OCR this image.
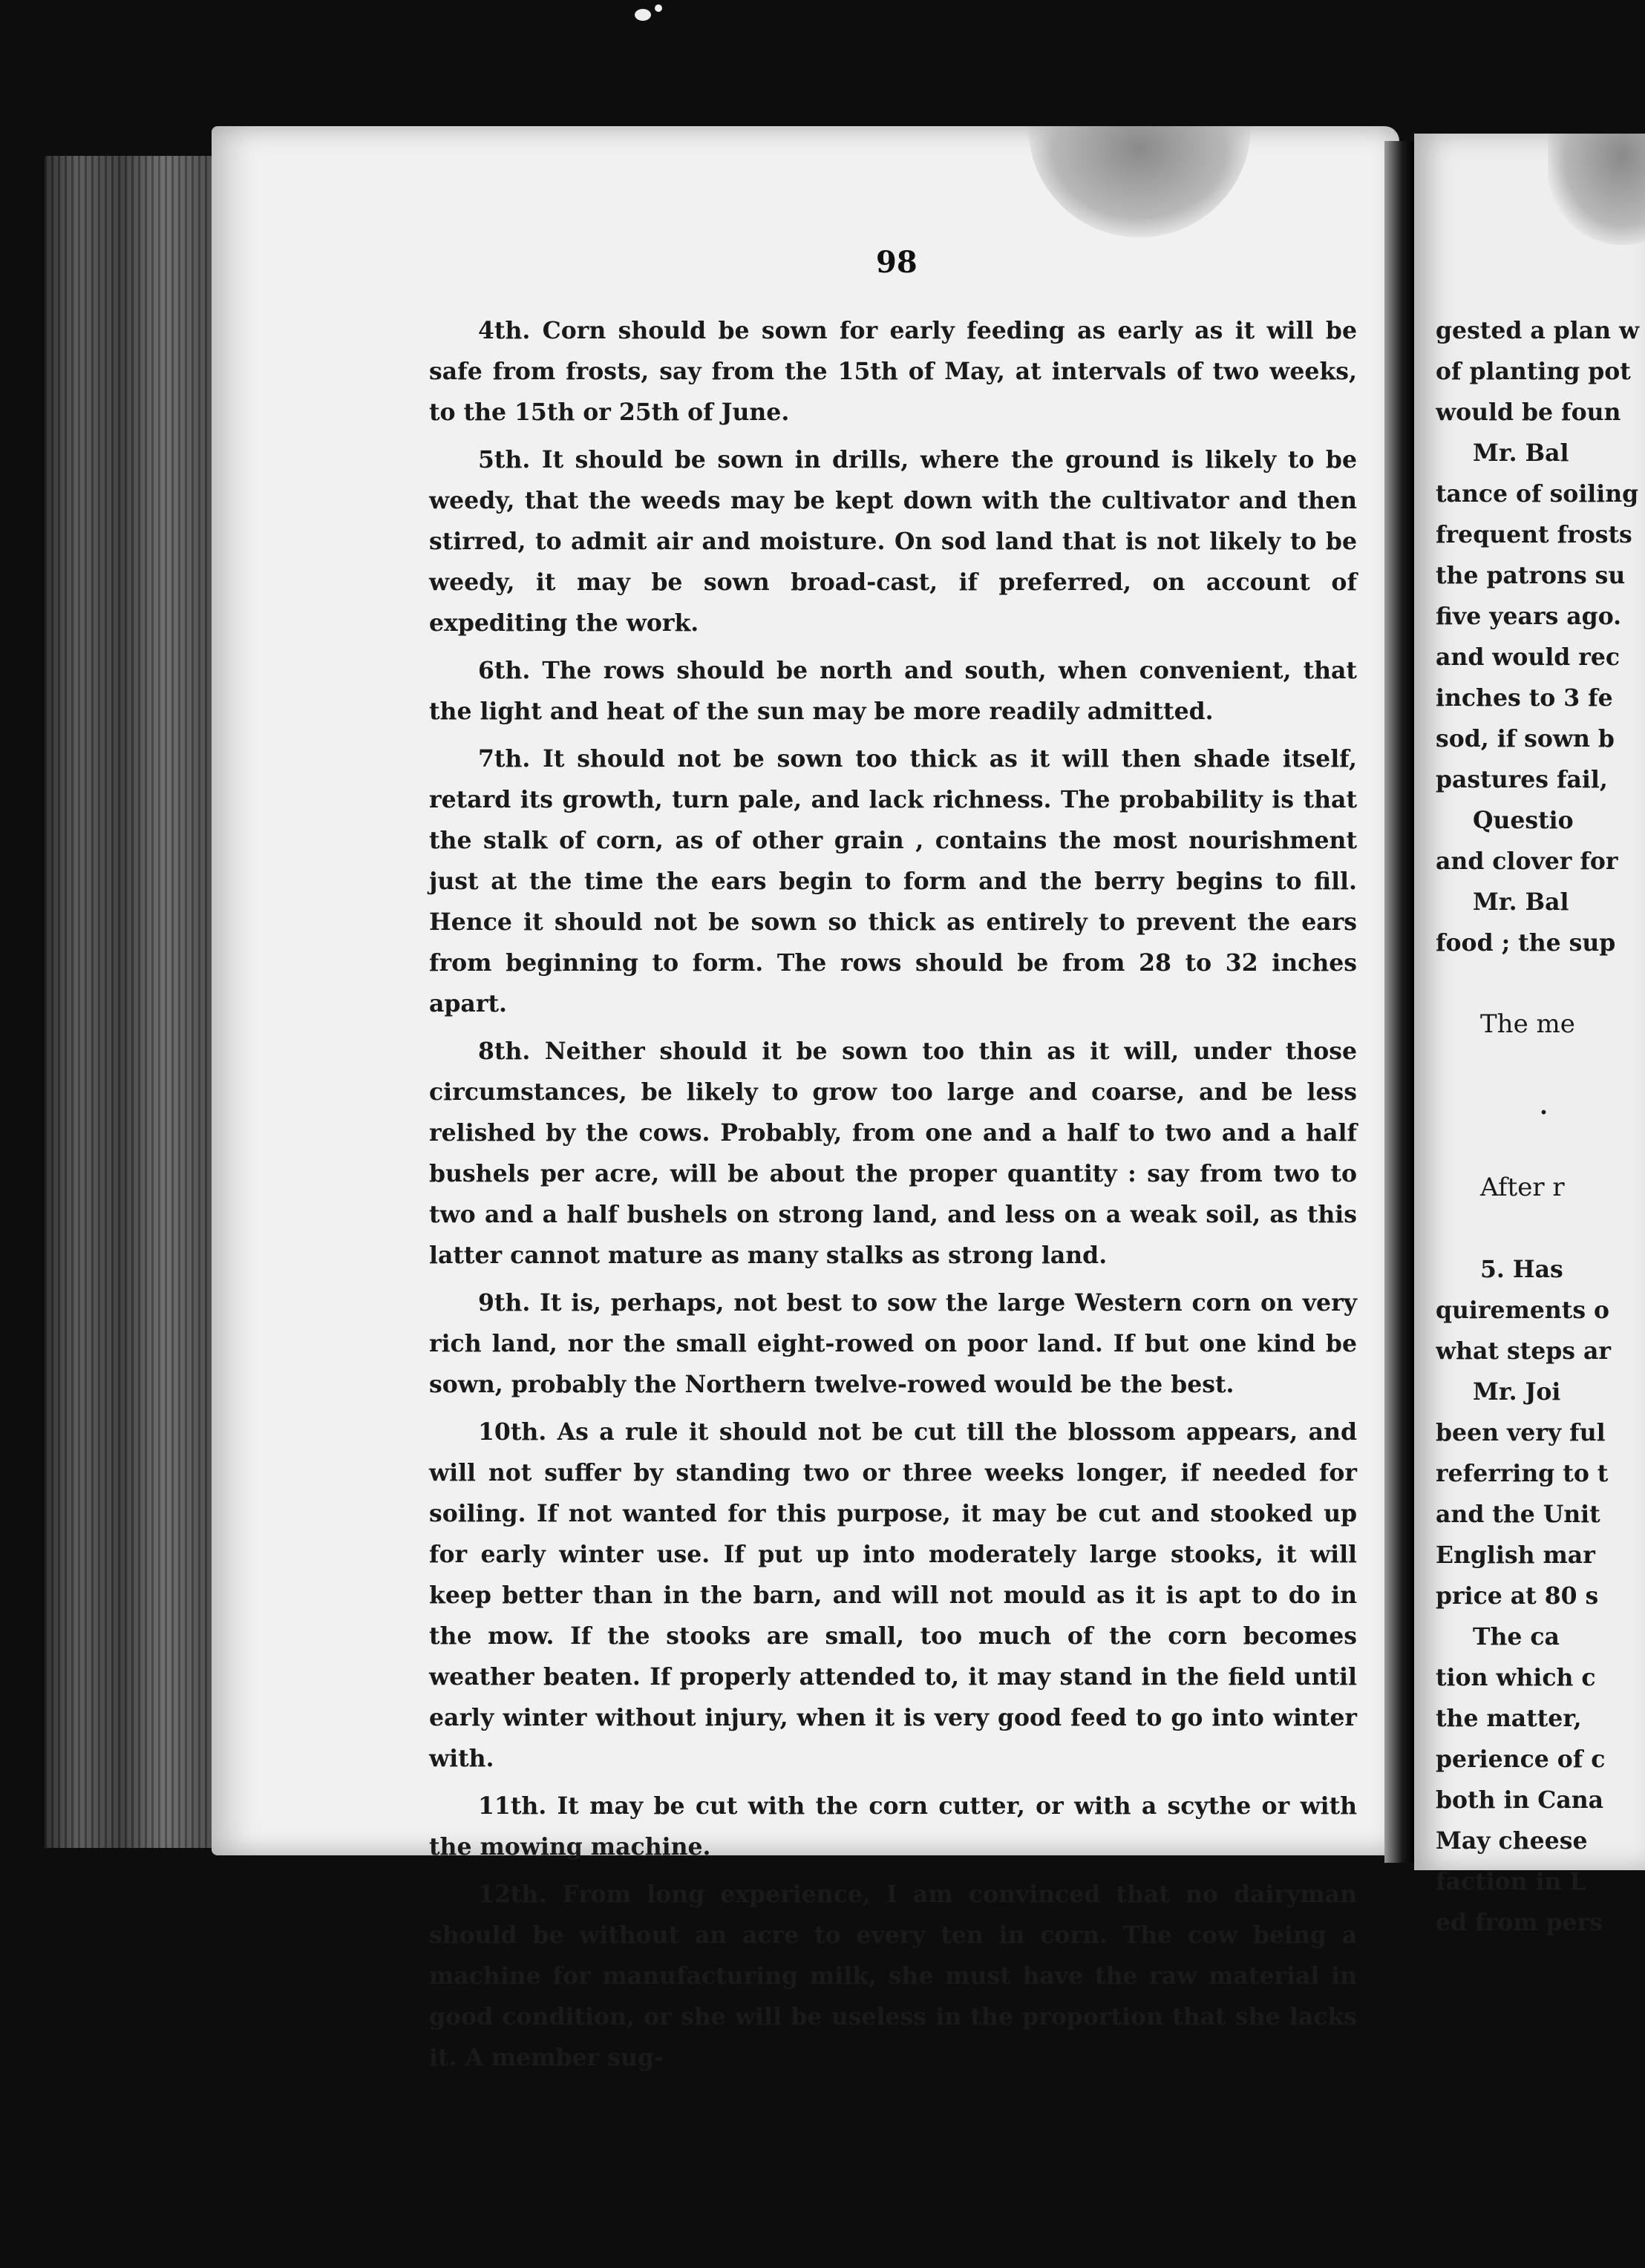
98

4th. Corn should be sown for early feeding as early as it will be safe from frosts, say from the 15th of May, at intervals of two weeks, to the 15th or 25th of June.

5th. It should be sown in drills, where the ground is likely to be weedy, that the weeds may be kept down with the cultivator and then stirred, to admit air and moisture. On sod land that is not likely to be weedy, it may be sown broad-cast, if preferred, on account of expediting the work.

6th. The rows should be north and south, when convenient, that the light and heat of the sun may be more readily admitted.

7th. It should not be sown too thick as it will then shade itself, retard its growth, turn pale, and lack richness. The probability is that the stalk of corn, as of other grain , contains the most nourishment just at the time the ears begin to form and the berry begins to fill. Hence it should not be sown so thick as entirely to prevent the ears from beginning to form. The rows should be from 28 to 32 inches apart.

8th. Neither should it be sown too thin as it will, under those circumstances, be likely to grow too large and coarse, and be less relished by the cows. Probably, from one and a half to two and a half bushels per acre, will be about the proper quantity : say from two to two and a half bushels on strong land, and less on a weak soil, as this latter cannot mature as many stalks as strong land.

9th. It is, perhaps, not best to sow the large Western corn on very rich land, nor the small eight-rowed on poor land. If but one kind be sown, probably the Northern twelve-rowed would be the best.

10th. As a rule it should not be cut till the blossom appears, and will not suffer by standing two or three weeks longer, if needed for soiling. If not wanted for this purpose, it may be cut and stooked up for early winter use. If put up into moderately large stooks, it will keep better than in the barn, and will not mould as it is apt to do in the mow. If the stooks are small, too much of the corn becomes weather beaten. If properly attended to, it may stand in the field until early winter without injury, when it is very good feed to go into winter with.

11th. It may be cut with the corn cutter, or with a scythe or with the mowing machine.

12th. From long experience, I am convinced that no dairyman should be without an acre to every ten in corn. The cow being a machine for manufacturing milk, she must have the raw material in good condition, or she will be useless in the proportion that she lacks it. A member sug-

gested a plan w
of planting pot
would be foun
Mr. Bal
tance of soiling
frequent frosts
the patrons su
five years ago.
and would rec
inches to 3 fe
sod, if sown b
pastures fail,
Questio
and clover for
Mr. Bal
food ; the sup
The me
.
After r
5. Has
quirements o
what steps ar
Mr. Joi
been very ful
referring to t
and the Unit
English mar
price at 80 s
The ca
tion which c
the matter,
perience of c
both in Cana
May cheese
faction in L
ed from pers
